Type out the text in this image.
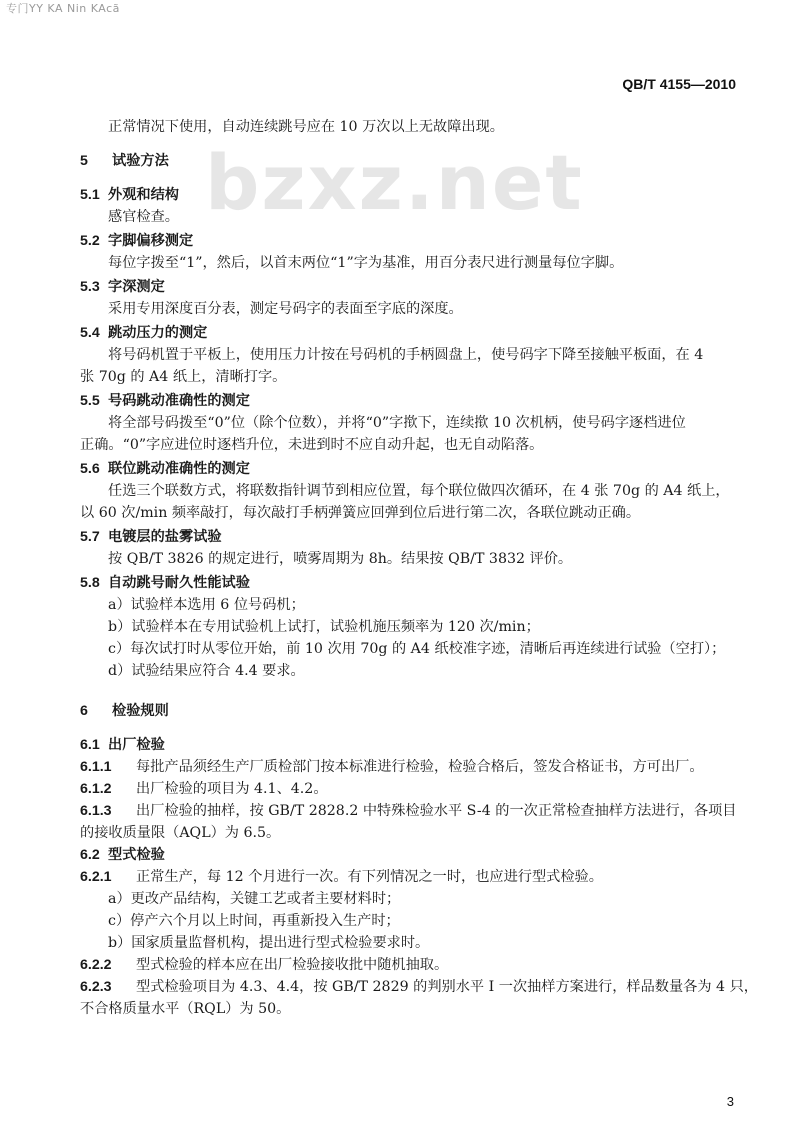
专门YY KA Nin KAcã
QB/T 4155—2010
bzxz.net
正常情况下使用，自动连续跳号应在 10 万次以上无故障出现。
5 试验方法
5.1 外观和结构
感官检查。
5.2 字脚偏移测定
每位字拨至“1”，然后，以首末两位“1”字为基准，用百分表尺进行测量每位字脚。
5.3 字深测定
采用专用深度百分表，测定号码字的表面至字底的深度。
5.4 跳动压力的测定
将号码机置于平板上，使用压力计按在号码机的手柄圆盘上，使号码字下降至接触平板面，在 4
张 70g 的 A4 纸上，清晰打字。
5.5 号码跳动准确性的测定
将全部号码拨至“0”位（除个位数），并将“0”字揿下，连续揿 10 次机柄，使号码字逐档进位
正确。“0”字应进位时逐档升位，未进到时不应自动升起，也无自动陷落。
5.6 联位跳动准确性的测定
任选三个联数方式，将联数指针调节到相应位置，每个联位做四次循环，在 4 张 70g 的 A4 纸上，
以 60 次/min 频率敲打，每次敲打手柄弹簧应回弹到位后进行第二次，各联位跳动正确。
5.7 电镀层的盐雾试验
按 QB/T 3826 的规定进行，喷雾周期为 8h。结果按 QB/T 3832 评价。
5.8 自动跳号耐久性能试验
a）试验样本选用 6 位号码机；
b）试验样本在专用试验机上试打，试验机施压频率为 120 次/min；
c）每次试打时从零位开始，前 10 次用 70g 的 A4 纸校准字迹，清晰后再连续进行试验（空打）；
d）试验结果应符合 4.4 要求。
6 检验规则
6.1 出厂检验
6.1.1 每批产品须经生产厂质检部门按本标准进行检验，检验合格后，签发合格证书，方可出厂。
6.1.2 出厂检验的项目为 4.1、4.2。
6.1.3 出厂检验的抽样，按 GB/T 2828.2 中特殊检验水平 S-4 的一次正常检查抽样方法进行，各项目
的接收质量限（AQL）为 6.5。
6.2 型式检验
6.2.1 正常生产，每 12 个月进行一次。有下列情况之一时，也应进行型式检验。
a）更改产品结构，关键工艺或者主要材料时；
c）停产六个月以上时间，再重新投入生产时；
b）国家质量监督机构，提出进行型式检验要求时。
6.2.2 型式检验的样本应在出厂检验接收批中随机抽取。
6.2.3 型式检验项目为 4.3、4.4，按 GB/T 2829 的判别水平 I 一次抽样方案进行，样品数量各为 4 只，
不合格质量水平（RQL）为 50。
3
